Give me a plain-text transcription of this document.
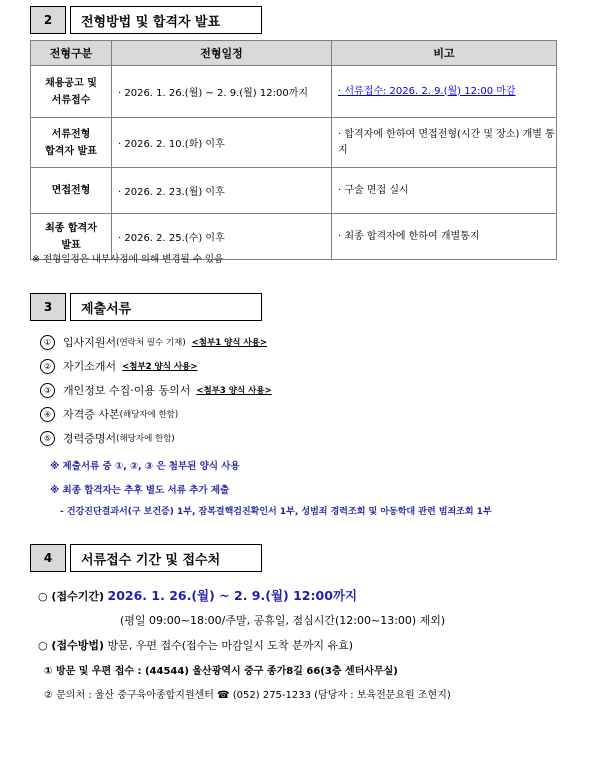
2	전형방법 및 합격자 발표
전형구분	전형일정	비고
채용공고 및
서류접수	· 2026. 1. 26.(월) ~ 2. 9.(월) 12:00까지	· 서류접수: 2026. 2. 9.(월) 12:00 마감
서류전형
합격자 발표	· 2026. 2. 10.(화) 이후	· 합격자에 한하여 면접전형(시간 및 장소) 개별 통지
면접전형	· 2026. 2. 23.(월) 이후	· 구술 면접 실시
최종 합격자
발표	· 2026. 2. 25.(수) 이후	· 최종 합격자에 한하여 개별통지
※ 전형일정은 내부사정에 의해 변경될 수 있음
3	제출서류
①	입사지원서 (연락처 필수 기재) <첨부1 양식 사용>
②	자기소개서 <첨부2 양식 사용>
③	개인정보 수집·이용 동의서 <첨부3 양식 사용>
④	자격증 사본 (해당자에 한함)
⑤	경력증명서 (해당자에 한함)
※ 제출서류 중 ①, ②, ③ 은 첨부된 양식 사용
※ 최종 합격자는 추후 별도 서류 추가 제출
- 건강진단결과서(구 보건증) 1부, 잠복결핵검진확인서 1부, 성범죄 경력조회 및 아동학대 관련 범죄조회 1부
4	서류접수 기간 및 접수처
○ (접수기간) 2026. 1. 26.(월) ~ 2. 9.(월) 12:00까지
(평일 09:00~18:00/주말, 공휴일, 점심시간(12:00~13:00) 제외)
○ (접수방법) 방문, 우편 접수(접수는 마감일시 도착 분까지 유효)
① 방문 및 우편 접수 : (44544) 울산광역시 중구 종가8길 66(3층 센터사무실)
② 문의처 : 울산 중구육아종합지원센터 ☎ (052) 275-1233 (담당자 : 보육전문요원 조현지)
